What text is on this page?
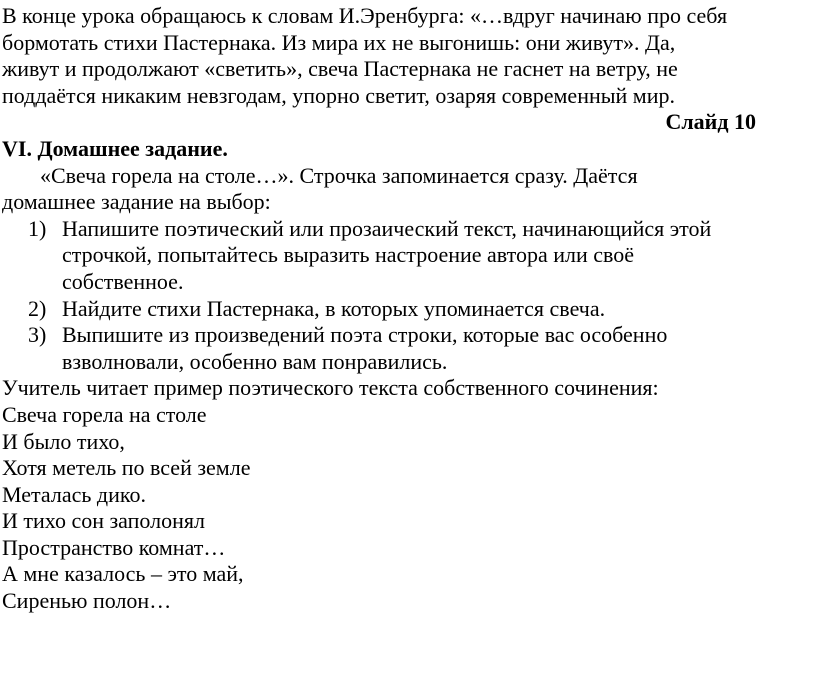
В конце урока обращаюсь к словам И.Эренбурга: «…вдруг начинаю про себя
бормотать стихи Пастернака. Из мира их не выгонишь: они живут». Да,
живут и продолжают «светить», свеча Пастернака не гаснет на ветру, не
поддаётся никаким невзгодам, упорно светит, озаряя современный мир.
Слайд 10
VI. Домашнее задание.
«Свеча горела на столе…». Строчка запоминается сразу. Даётся
домашнее задание на выбор:
1) Напишите поэтический или прозаический текст, начинающийся этой
строчкой, попытайтесь выразить настроение автора или своё
собственное.
2) Найдите стихи Пастернака, в которых упоминается свеча.
3) Выпишите из произведений поэта строки, которые вас особенно
взволновали, особенно вам понравились.
Учитель читает пример поэтического текста собственного сочинения:
Свеча горела на столе
И было тихо,
Хотя метель по всей земле
Металась дико.
И тихо сон заполонял
Пространство комнат…
А мне казалось – это май,
Сиренью полон…
